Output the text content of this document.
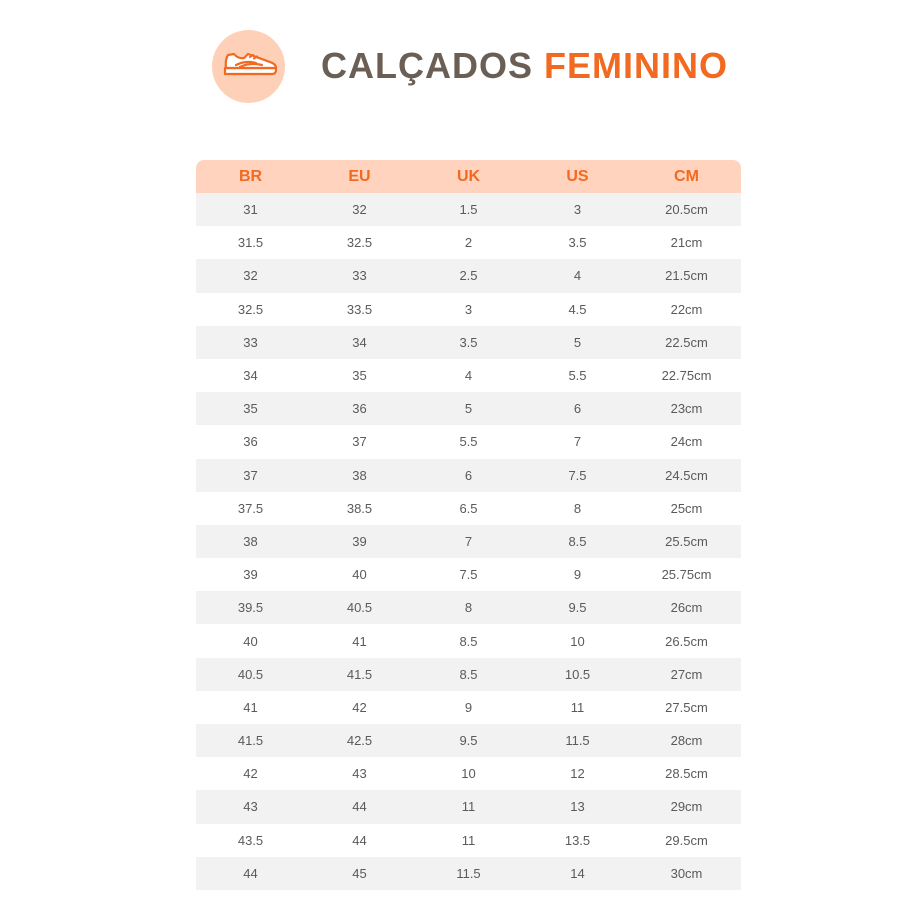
CALÇADOS FEMININO
BR	EU	UK	US	CM
31	32	1.5	3	20.5cm
31.5	32.5	2	3.5	21cm
32	33	2.5	4	21.5cm
32.5	33.5	3	4.5	22cm
33	34	3.5	5	22.5cm
34	35	4	5.5	22.75cm
35	36	5	6	23cm
36	37	5.5	7	24cm
37	38	6	7.5	24.5cm
37.5	38.5	6.5	8	25cm
38	39	7	8.5	25.5cm
39	40	7.5	9	25.75cm
39.5	40.5	8	9.5	26cm
40	41	8.5	10	26.5cm
40.5	41.5	8.5	10.5	27cm
41	42	9	11	27.5cm
41.5	42.5	9.5	11.5	28cm
42	43	10	12	28.5cm
43	44	11	13	29cm
43.5	44	11	13.5	29.5cm
44	45	11.5	14	30cm
